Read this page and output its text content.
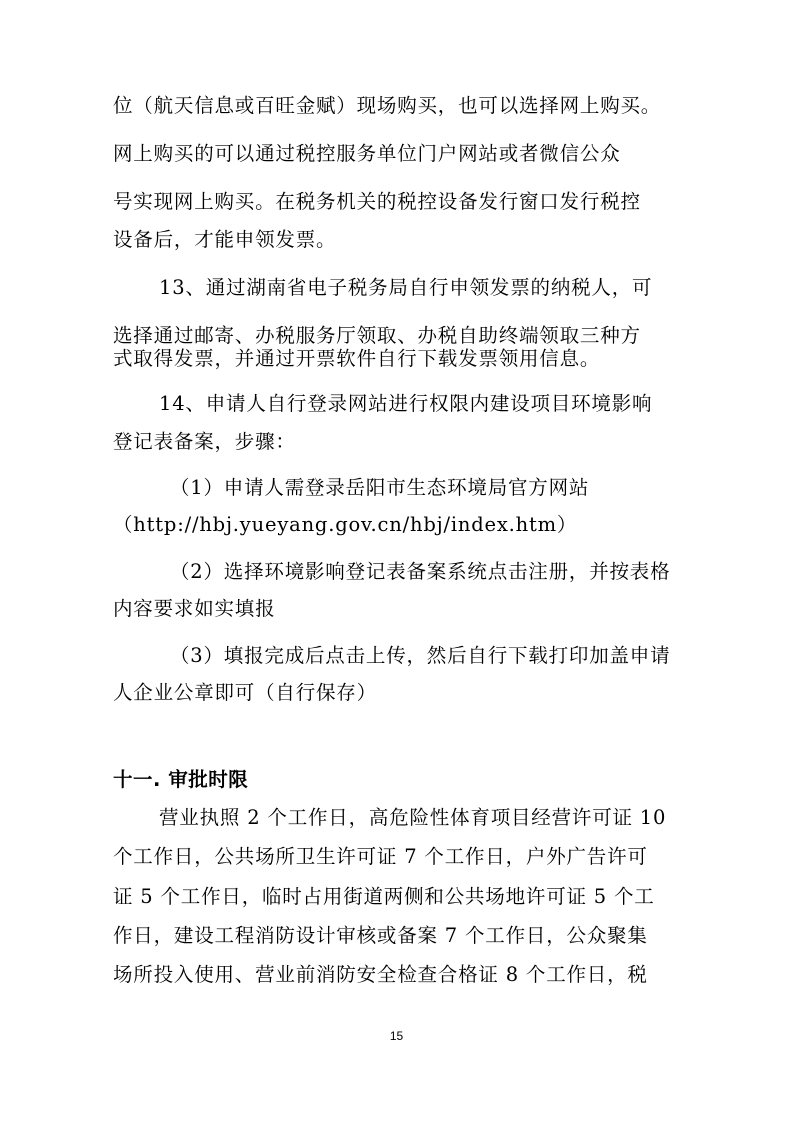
位（航天信息或百旺金赋）现场购买，也可以选择网上购买。
网上购买的可以通过税控服务单位门户网站或者微信公众
号实现网上购买。在税务机关的税控设备发行窗口发行税控
设备后，才能申领发票。
13、通过湖南省电子税务局自行申领发票的纳税人，可
选择通过邮寄、办税服务厅领取、办税自助终端领取三种方
式取得发票，并通过开票软件自行下载发票领用信息。
14、申请人自行登录网站进行权限内建设项目环境影响
登记表备案，步骤：
（1）申请人需登录岳阳市生态环境局官方网站
（http://hbj.yueyang.gov.cn/hbj/index.htm）
（2）选择环境影响登记表备案系统点击注册，并按表格
内容要求如实填报
（3）填报完成后点击上传，然后自行下载打印加盖申请
人企业公章即可（自行保存）
十一. 审批时限
营业执照 2 个工作日，高危险性体育项目经营许可证 10
个工作日，公共场所卫生许可证 7 个工作日，户外广告许可
证 5 个工作日，临时占用街道两侧和公共场地许可证 5 个工
作日，建设工程消防设计审核或备案 7 个工作日，公众聚集
场所投入使用、营业前消防安全检查合格证 8 个工作日，税
15
